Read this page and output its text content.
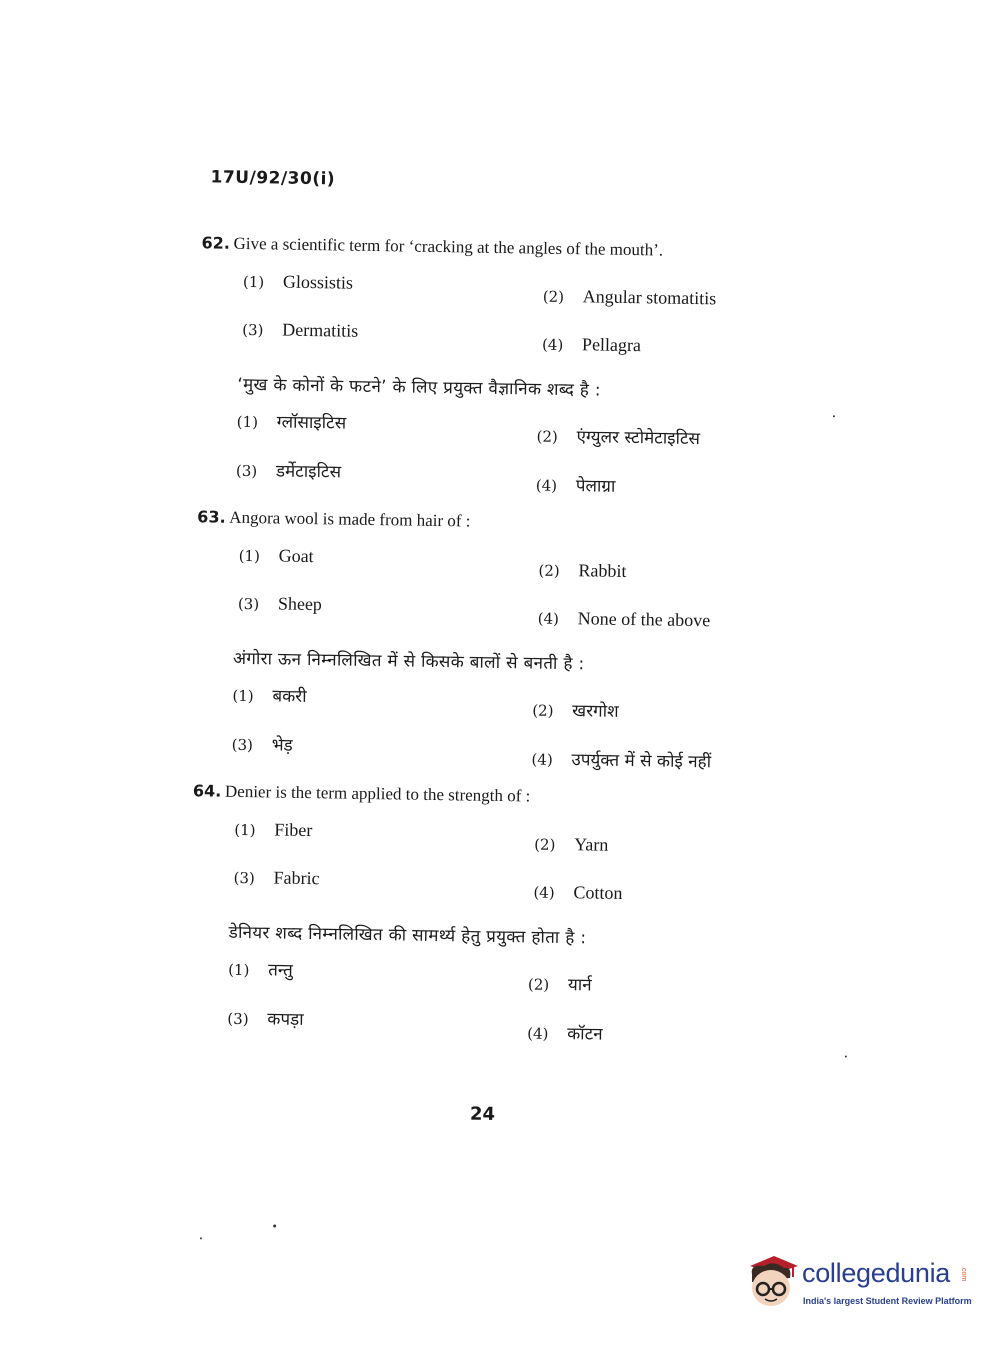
17U/92/30(i)
62. Give a scientific term for ‘cracking at the angles of the mouth’.
(1)	Glossistis
(2)	Angular stomatitis
(3)	Dermatitis
(4)	Pellagra
‘मुख के कोनों के फटने’ के लिए प्रयुक्त वैज्ञानिक शब्द है :
(1)	ग्लॉसाइटिस
(2)	एंग्युलर स्टोमेटाइटिस
(3)	डर्मेटाइटिस
(4)	पेलाग्रा
63. Angora wool is made from hair of :
(1)	Goat
(2)	Rabbit
(3)	Sheep
(4)	None of the above
अंगोरा ऊन निम्नलिखित में से किसके बालों से बनती है :
(1)	बकरी
(2)	खरगोश
(3)	भेड़
(4)	उपर्युक्त में से कोई नहीं
64. Denier is the term applied to the strength of :
(1)	Fiber
(2)	Yarn
(3)	Fabric
(4)	Cotton
डेनियर शब्द निम्नलिखित की सामर्थ्य हेतु प्रयुक्त होता है :
(1)	तन्तु
(2)	यार्न
(3)	कपड़ा
(4)	कॉटन
24
collegedunia .com
India's largest Student Review Platform
